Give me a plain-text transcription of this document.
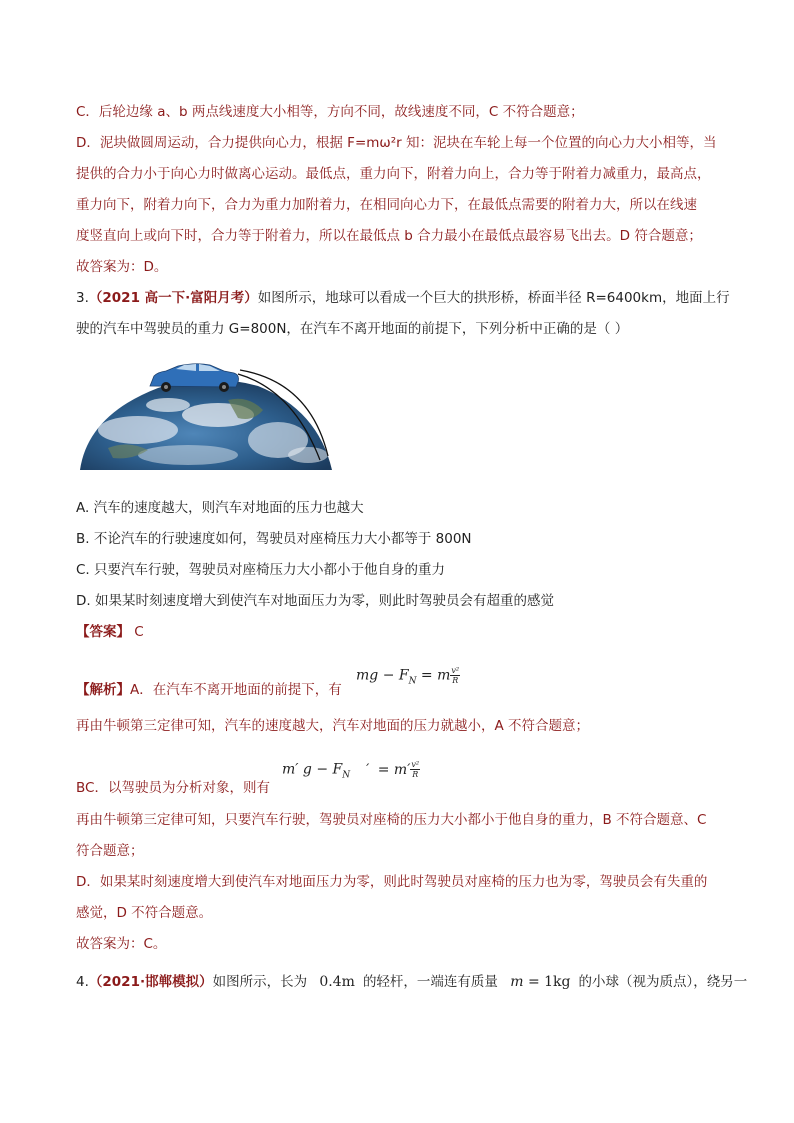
C．后轮边缘 a、b 两点线速度大小相等，方向不同，故线速度不同，C 不符合题意；
D．泥块做圆周运动，合力提供向心力，根据 F=mω²r 知：泥块在车轮上每一个位置的向心力大小相等，当
提供的合力小于向心力时做离心运动。最低点，重力向下，附着力向上，合力等于附着力减重力，最高点，
重力向下，附着力向下，合力为重力加附着力，在相同向心力下，在最低点需要的附着力大，所以在线速
度竖直向上或向下时，合力等于附着力，所以在最低点 b 合力最小在最低点最容易飞出去。D 符合题意；
故答案为：D。
3.（2021 高一下·富阳月考）如图所示，地球可以看成一个巨大的拱形桥，桥面半径 R=6400km，地面上行
驶的汽车中驾驶员的重力 G=800N，在汽车不离开地面的前提下，下列分析中正确的是（ ）
A. 汽车的速度越大，则汽车对地面的压力也越大
B. 不论汽车的行驶速度如何，驾驶员对座椅压力大小都等于 800N
C. 只要汽车行驶，驾驶员对座椅压力大小都小于他自身的重力
D. 如果某时刻速度增大到使汽车对地面压力为零，则此时驾驶员会有超重的感觉
【答案】 C
【解析】A．在汽车不离开地面的前提下，有
mg − $F_N = m \frac{\text{v²}}{R}$
再由牛顿第三定律可知，汽车的速度越大，汽车对地面的压力就越小，A 不符合题意；
BC．以驾驶员为分析对象，则有
m′ $g - F_N$ ′ = $m' \frac{\text{v²}}{R}$
再由牛顿第三定律可知，只要汽车行驶，驾驶员对座椅的压力大小都小于他自身的重力，B 不符合题意、C
符合题意；
D．如果某时刻速度增大到使汽车对地面压力为零，则此时驾驶员对座椅的压力也为零，驾驶员会有失重的
感觉，D 不符合题意。
故答案为：C。
4.（2021·邯郸模拟）如图所示，长为 0.4m 的轻杆，一端连有质量 m = 1kg 的小球（视为质点），绕另一
